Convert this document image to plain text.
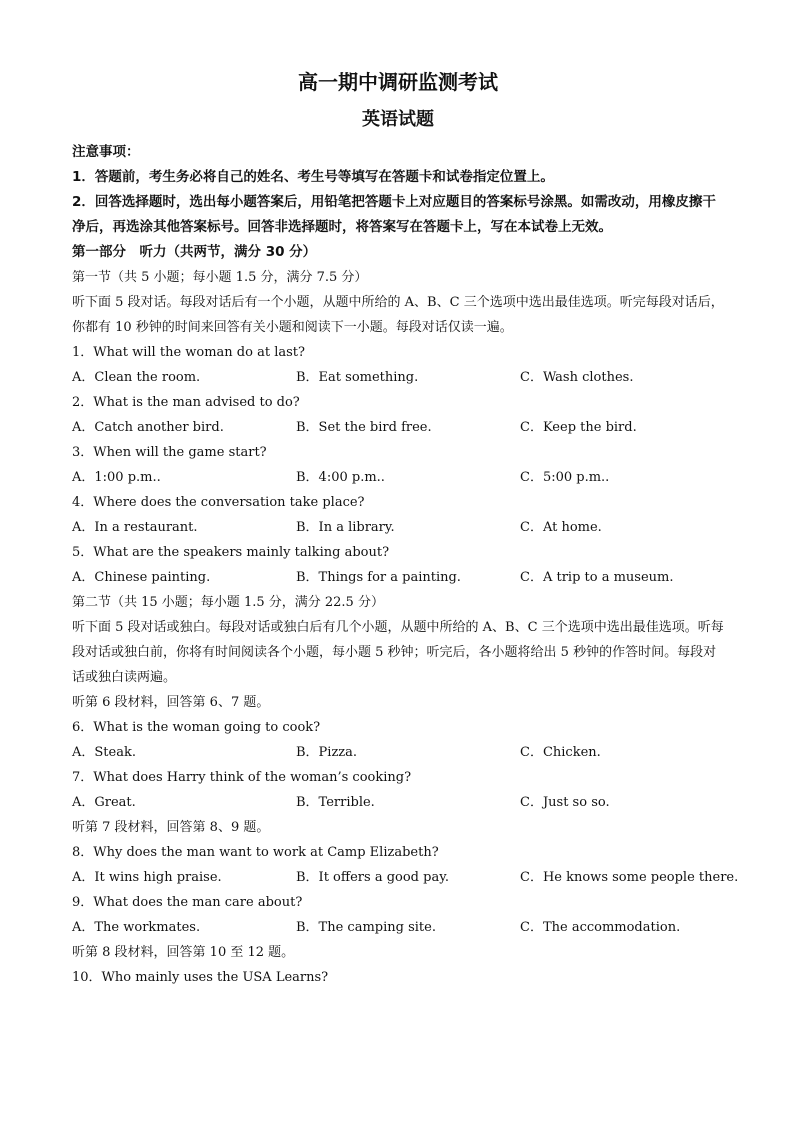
高一期中调研监测考试
英语试题
注意事项：
1．答题前，考生务必将自己的姓名、考生号等填写在答题卡和试卷指定位置上。
2．回答选择题时，选出每小题答案后，用铅笔把答题卡上对应题目的答案标号涂黑。如需改动，用橡皮擦干净后，再选涂其他答案标号。回答非选择题时，将答案写在答题卡上，写在本试卷上无效。
第一部分　听力（共两节，满分 30 分）
第一节（共 5 小题；每小题 1.5 分，满分 7.5 分）
听下面 5 段对话。每段对话后有一个小题，从题中所给的 A、B、C 三个选项中选出最佳选项。听完每段对话后，你都有 10 秒钟的时间来回答有关小题和阅读下一小题。每段对话仅读一遍。
1．What will the woman do at last?
A．Clean the room.	B．Eat something.	C．Wash clothes.
2．What is the man advised to do?
A．Catch another bird.	B．Set the bird free.	C．Keep the bird.
3．When will the game start?
A．1:00 p.m..	B．4:00 p.m..	C．5:00 p.m..
4．Where does the conversation take place?
A．In a restaurant.	B．In a library.	C．At home.
5．What are the speakers mainly talking about?
A．Chinese painting.	B．Things for a painting.	C．A trip to a museum.
第二节（共 15 小题；每小题 1.5 分，满分 22.5 分）
听下面 5 段对话或独白。每段对话或独白后有几个小题，从题中所给的 A、B、C 三个选项中选出最佳选项。听每段对话或独白前，你将有时间阅读各个小题，每小题 5 秒钟；听完后，各小题将给出 5 秒钟的作答时间。每段对话或独白读两遍。
听第 6 段材料，回答第 6、7 题。
6．What is the woman going to cook?
A．Steak.	B．Pizza.	C．Chicken.
7．What does Harry think of the woman’s cooking?
A．Great.	B．Terrible.	C．Just so so.
听第 7 段材料，回答第 8、9 题。
8．Why does the man want to work at Camp Elizabeth?
A．It wins high praise.	B．It offers a good pay.	C．He knows some people there.
9．What does the man care about?
A．The workmates.	B．The camping site.	C．The accommodation.
听第 8 段材料，回答第 10 至 12 题。
10．Who mainly uses the USA Learns?
